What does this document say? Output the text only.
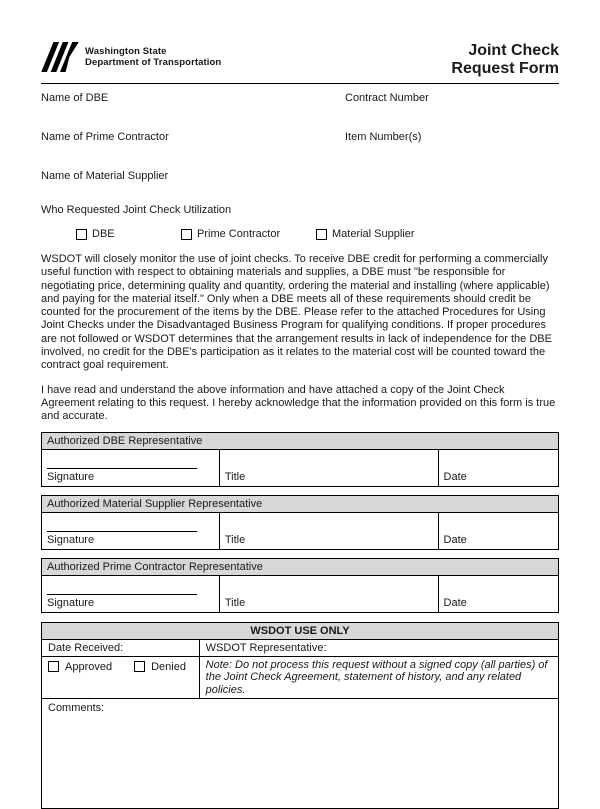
Washington State
Department of Transportation
Joint Check
Request Form
Name of DBE	Contract Number
Name of Prime Contractor	Item Number(s)
Name of Material Supplier
Who Requested Joint Check Utilization
DBE	Prime Contractor	Material Supplier
WSDOT will closely monitor the use of joint checks. To receive DBE credit for performing a commercially useful function with respect to obtaining materials and supplies, a DBE must "be responsible for negotiating price, determining quality and quantity, ordering the material and installing (where applicable) and paying for the material itself." Only when a DBE meets all of these requirements should credit be counted for the procurement of the items by the DBE. Please refer to the attached Procedures for Using Joint Checks under the Disadvantaged Business Program for qualifying conditions. If proper procedures are not followed or WSDOT determines that the arrangement results in lack of independence for the DBE involved, no credit for the DBE's participation as it relates to the material cost will be counted toward the contract goal requirement.
I have read and understand the above information and have attached a copy of the Joint Check Agreement relating to this request. I hereby acknowledge that the information provided on this form is true and accurate.
Authorized DBE Representative

Signature	Title	Date
Authorized Material Supplier Representative

Signature	Title	Date
Authorized Prime Contractor Representative

Signature	Title	Date
WSDOT USE ONLY	
Date Received:	WSDOT Representative:

Approved Denied	Note: Do not process this request without a signed copy (all parties) of the Joint Check Agreement, statement of history, and any related policies.
Comments:	
